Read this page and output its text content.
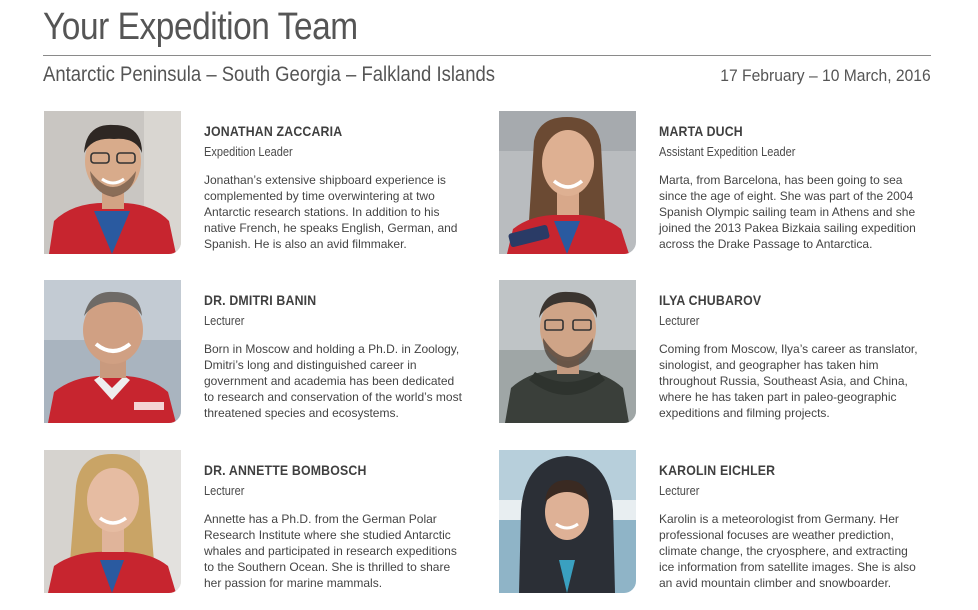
Your Expedition Team
Antarctic Peninsula – South Georgia – Falkland Islands	17 February – 10 March, 2016
JONATHAN ZACCARIA
Expedition Leader
Jonathan’s extensive shipboard experience is
complemented by time overwintering at two
Antarctic research stations. In addition to his
native French, he speaks English, German, and
Spanish. He is also an avid filmmaker.
MARTA DUCH
Assistant Expedition Leader
Marta, from Barcelona, has been going to sea
since the age of eight. She was part of the 2004
Spanish Olympic sailing team in Athens and she
joined the 2013 Pakea Bizkaia sailing expedition
across the Drake Passage to Antarctica.
DR. DMITRI BANIN
Lecturer
Born in Moscow and holding a Ph.D. in Zoology,
Dmitri’s long and distinguished career in
government and academia has been dedicated
to research and conservation of the world’s most
threatened species and ecosystems.
ILYA CHUBAROV
Lecturer
Coming from Moscow, Ilya’s career as translator,
sinologist, and geographer has taken him
throughout Russia, Southeast Asia, and China,
where he has taken part in paleo-geographic
expeditions and filming projects.
DR. ANNETTE BOMBOSCH
Lecturer
Annette has a Ph.D. from the German Polar
Research Institute where she studied Antarctic
whales and participated in research expeditions
to the Southern Ocean. She is thrilled to share
her passion for marine mammals.
KAROLIN EICHLER
Lecturer
Karolin is a meteorologist from Germany. Her
professional focuses are weather prediction,
climate change, the cryosphere, and extracting
ice information from satellite images. She is also
an avid mountain climber and snowboarder.
